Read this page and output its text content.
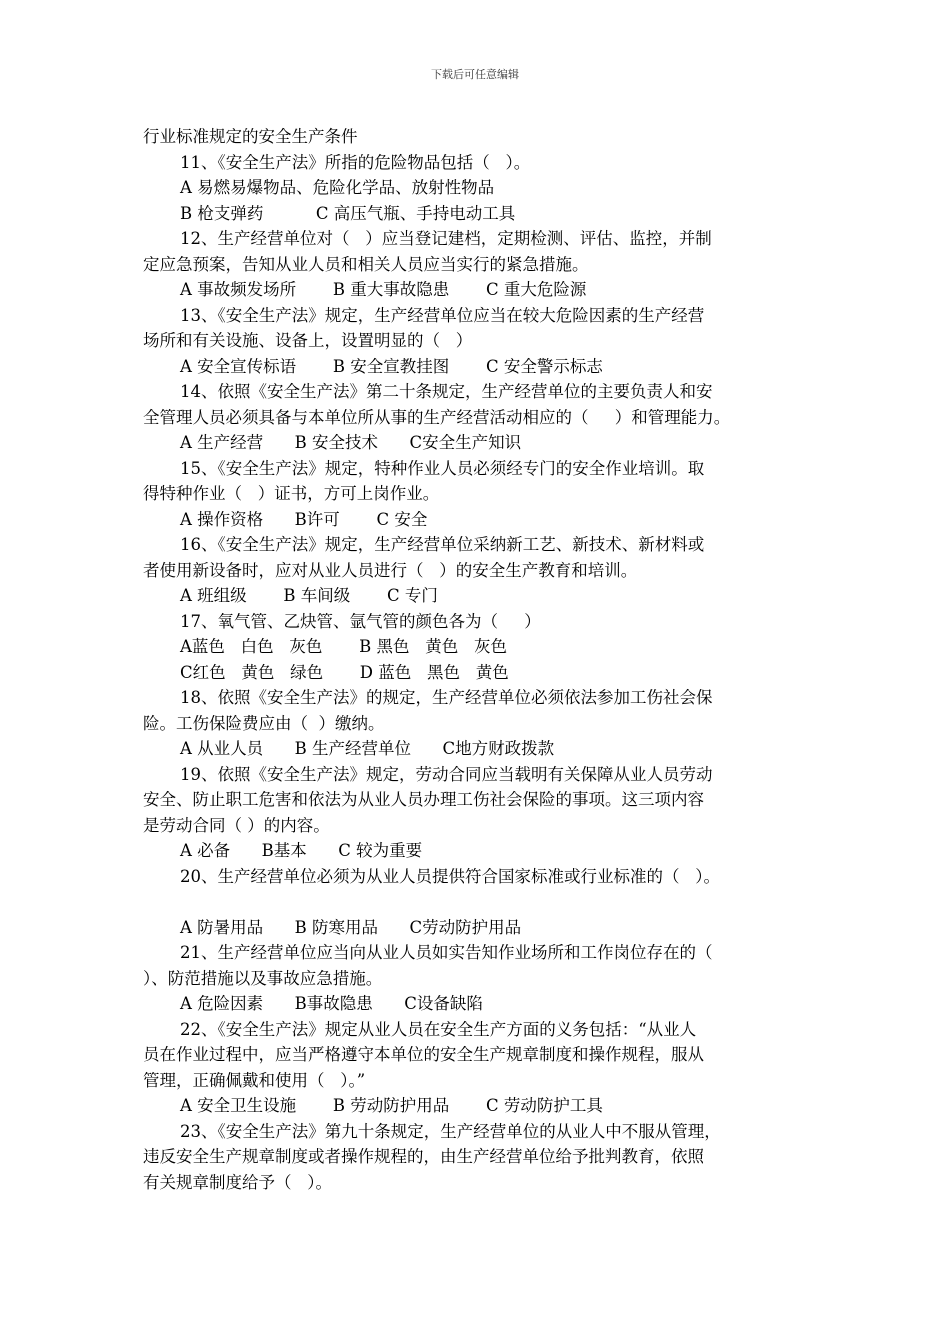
下载后可任意编辑
行业标准规定的安全生产条件
11、《安全生产法》所指的危险物品包括（   ）。
A 易燃易爆物品、危险化学品、放射性物品
B 枪支弹药          C 高压气瓶、手持电动工具
12、生产经营单位对（   ）应当登记建档，定期检测、评估、监控，并制
定应急预案，告知从业人员和相关人员应当实行的紧急措施。
A 事故频发场所       B 重大事故隐患       C 重大危险源
13、《安全生产法》规定，生产经营单位应当在较大危险因素的生产经营
场所和有关设施、设备上，设置明显的（   ）
A 安全宣传标语       B 安全宣教挂图       C 安全警示标志
14、依照《安全生产法》第二十条规定，生产经营单位的主要负责人和安
全管理人员必须具备与本单位所从事的生产经营活动相应的（     ）和管理能力。
A 生产经营      B 安全技术      C安全生产知识
15、《安全生产法》规定，特种作业人员必须经专门的安全作业培训。取
得特种作业（   ）证书，方可上岗作业。
A 操作资格      B许可       C 安全
16、《安全生产法》规定，生产经营单位采纳新工艺、新技术、新材料或
者使用新设备时，应对从业人员进行（   ）的安全生产教育和培训。
A 班组级       B 车间级       C 专门
17、氧气管、乙炔管、氩气管的颜色各为（     ）
A蓝色   白色   灰色       B 黑色   黄色   灰色
C红色   黄色   绿色       D 蓝色   黑色   黄色
18、依照《安全生产法》的规定，生产经营单位必须依法参加工伤社会保
险。工伤保险费应由（  ）缴纳。
A 从业人员      B 生产经营单位      C地方财政拨款
19、依照《安全生产法》规定，劳动合同应当载明有关保障从业人员劳动
安全、防止职工危害和依法为从业人员办理工伤社会保险的事项。这三项内容
是劳动合同（ ）的内容。
A 必备      B基本      C 较为重要
20、生产经营单位必须为从业人员提供符合国家标准或行业标准的（   ）。
A 防暑用品      B 防寒用品      C劳动防护用品
21、生产经营单位应当向从业人员如实告知作业场所和工作岗位存在的（
）、防范措施以及事故应急措施。
A 危险因素      B事故隐患      C设备缺陷
22、《安全生产法》规定从业人员在安全生产方面的义务包括：“从业人
员在作业过程中，应当严格遵守本单位的安全生产规章制度和操作规程，服从
管理，正确佩戴和使用（   ）。”
A 安全卫生设施       B 劳动防护用品       C 劳动防护工具
23、《安全生产法》第九十条规定，生产经营单位的从业人中不服从管理，
违反安全生产规章制度或者操作规程的，由生产经营单位给予批判教育，依照
有关规章制度给予（   ）。
